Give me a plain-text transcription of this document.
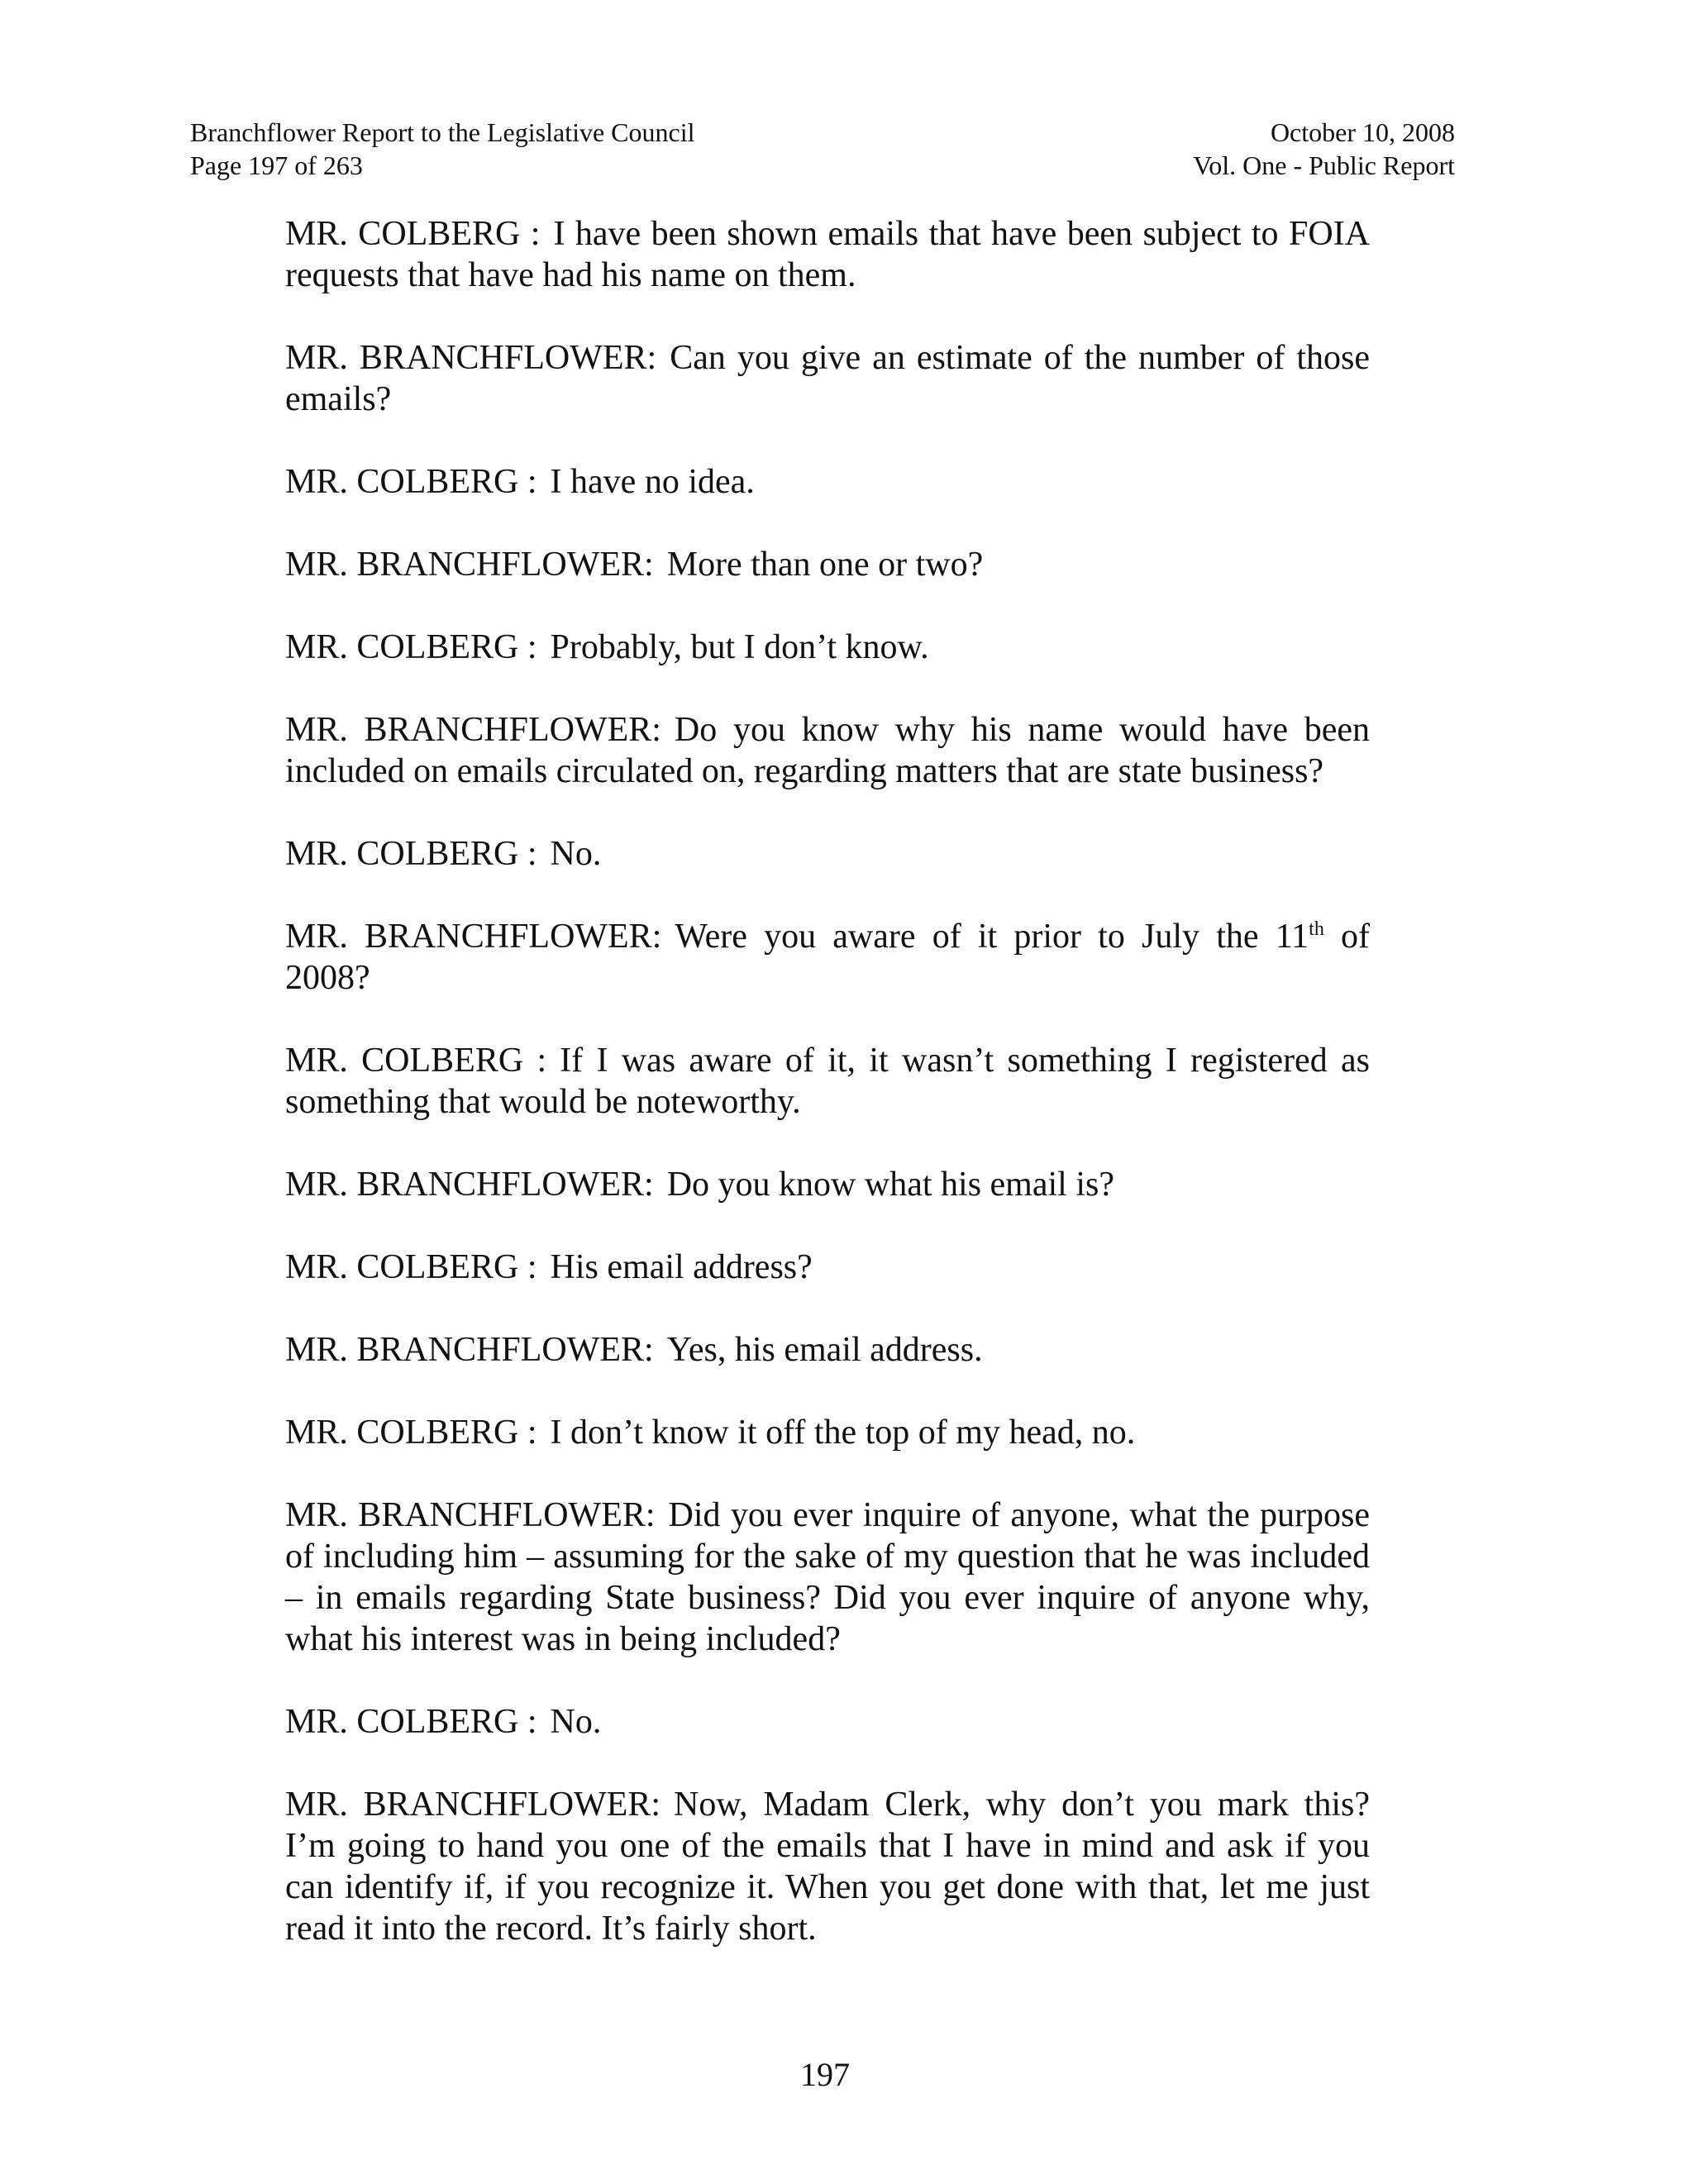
Branchflower Report to the Legislative Council
Page 197 of 263
October 10, 2008
Vol. One - Public Report

MR. COLBERG : I have been shown emails that have been subject to FOIA requests that have had his name on them.

MR. BRANCHFLOWER: Can you give an estimate of the number of those emails?

MR. COLBERG : I have no idea.

MR. BRANCHFLOWER: More than one or two?

MR. COLBERG : Probably, but I don’t know.

MR. BRANCHFLOWER: Do you know why his name would have been included on emails circulated on, regarding matters that are state business?

MR. COLBERG : No.

MR. BRANCHFLOWER: Were you aware of it prior to July the 11th of 2008?

MR. COLBERG : If I was aware of it, it wasn’t something I registered as something that would be noteworthy.

MR. BRANCHFLOWER: Do you know what his email is?

MR. COLBERG : His email address?

MR. BRANCHFLOWER: Yes, his email address.

MR. COLBERG : I don’t know it off the top of my head, no.

MR. BRANCHFLOWER: Did you ever inquire of anyone, what the purpose of including him – assuming for the sake of my question that he was included – in emails regarding State business? Did you ever inquire of anyone why, what his interest was in being included?

MR. COLBERG : No.

MR. BRANCHFLOWER: Now, Madam Clerk, why don’t you mark this? I’m going to hand you one of the emails that I have in mind and ask if you can identify if, if you recognize it. When you get done with that, let me just read it into the record. It’s fairly short.

197
